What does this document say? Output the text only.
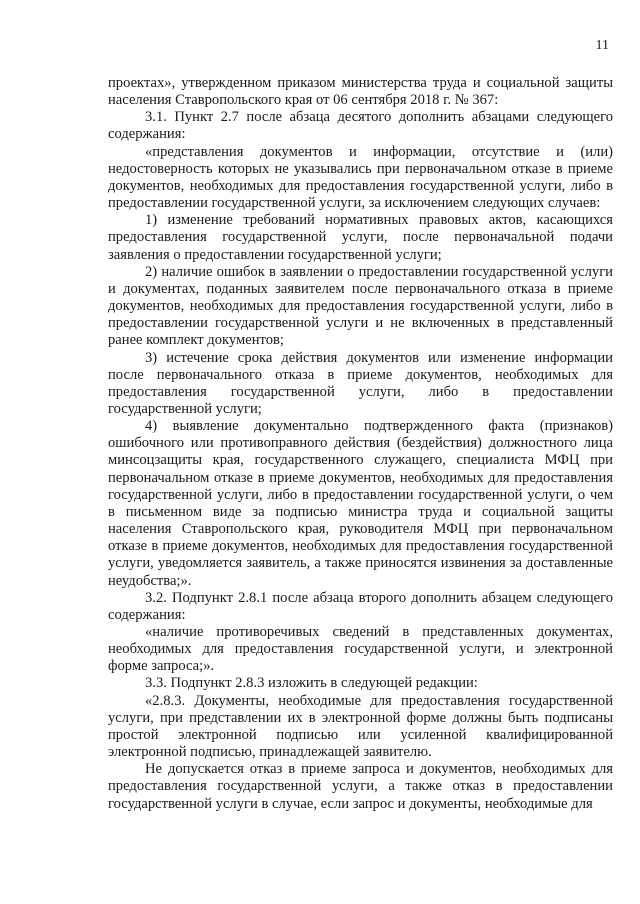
11

проектах», утвержденном приказом министерства труда и социальной защиты населения Ставропольского края от 06 сентября 2018 г. № 367:

3.1. Пункт 2.7 после абзаца десятого дополнить абзацами следующего содержания:

«представления документов и информации, отсутствие и (или) недостоверность которых не указывались при первоначальном отказе в приеме документов, необходимых для предоставления государственной услуги, либо в предоставлении государственной услуги, за исключением следующих случаев:

1) изменение требований нормативных правовых актов, касающихся предоставления государственной услуги, после первоначальной подачи заявления о предоставлении государственной услуги;

2) наличие ошибок в заявлении о предоставлении государственной услуги и документах, поданных заявителем после первоначального отказа в приеме документов, необходимых для предоставления государственной услуги, либо в предоставлении государственной услуги и не включенных в представленный ранее комплект документов;

3) истечение срока действия документов или изменение информации после первоначального отказа в приеме документов, необходимых для предоставления государственной услуги, либо в предоставлении государственной услуги;

4) выявление документально подтвержденного факта (признаков) ошибочного или противоправного действия (бездействия) должностного лица минсоцзащиты края, государственного служащего, специалиста МФЦ при первоначальном отказе в приеме документов, необходимых для предоставления государственной услуги, либо в предоставлении государственной услуги, о чем в письменном виде за подписью министра труда и социальной защиты населения Ставропольского края, руководителя МФЦ при первоначальном отказе в приеме документов, необходимых для предоставления государственной услуги, уведомляется заявитель, а также приносятся извинения за доставленные неудобства;».

3.2. Подпункт 2.8.1 после абзаца второго дополнить абзацем следующего содержания:

«наличие противоречивых сведений в представленных документах, необходимых для предоставления государственной услуги, и электронной форме запроса;».

3.3. Подпункт 2.8.3 изложить в следующей редакции:

«2.8.3. Документы, необходимые для предоставления государственной услуги, при представлении их в электронной форме должны быть подписаны простой электронной подписью или усиленной квалифицированной электронной подписью, принадлежащей заявителю.

Не допускается отказ в приеме запроса и документов, необходимых для предоставления государственной услуги, а также отказ в предоставлении государственной услуги в случае, если запрос и документы, необходимые для
